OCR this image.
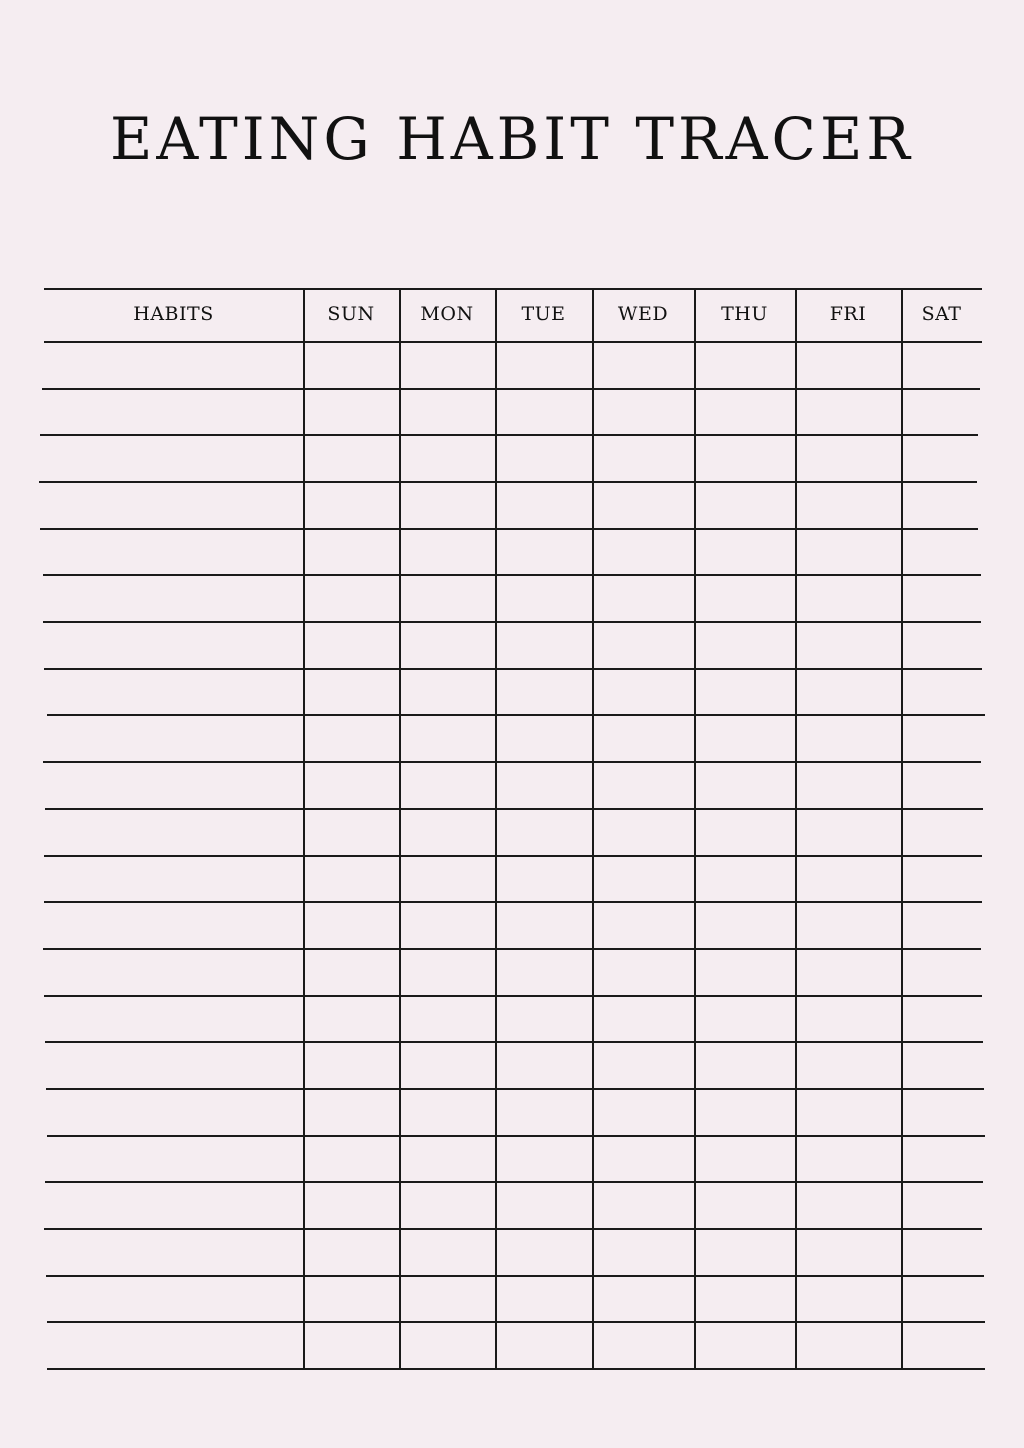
EATING HABIT TRACER
HABITS	SUN	MON	TUE	WED	THU	FRI	SAT
